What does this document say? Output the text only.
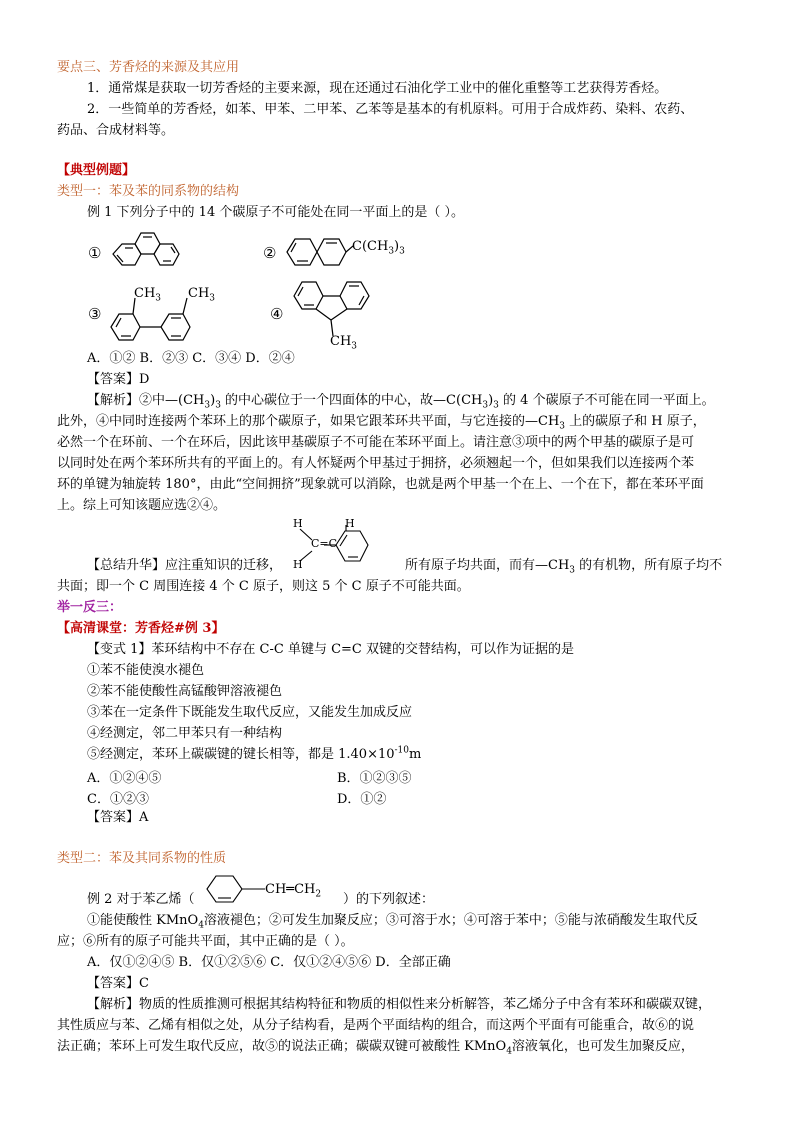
要点三、芳香烃的来源及其应用
1．通常煤是获取一切芳香烃的主要来源，现在还通过石油化学工业中的催化重整等工艺获得芳香烃。
2．一些简单的芳香烃，如苯、甲苯、二甲苯、乙苯等是基本的有机原料。可用于合成炸药、染料、农药、
药品、合成材料等。
【典型例题】
类型一：苯及苯的同系物的结构
例 1 下列分子中的 14 个碳原子不可能处在同一平面上的是（ ）。
①	②
③	④
$C(CH_3)_3$
$CH_3$ $CH_3$
$CH_3$
A．①② B．②③ C．③④ D．②④
【答案】D
【解析】②中$—(CH_3)_3$ 的中心碳位于一个四面体的中心，故$—C(CH_3)_3$ 的 4 个碳原子不可能在同一平面上。
此外，④中同时连接两个苯环上的那个碳原子，如果它跟苯环共平面，与它连接的$—CH_3$ 上的碳原子和 H 原子，
必然一个在环前、一个在环后，因此该甲基碳原子不可能在苯环平面上。请注意③项中的两个甲基的碳原子是可
以同时处在两个苯环所共有的平面上的。有人怀疑两个甲基过于拥挤，必须翘起一个，但如果我们以连接两个苯
环的单键为轴旋转 180°，由此“空间拥挤”现象就可以消除，也就是两个甲基一个在上、一个在下，都在苯环平面
上。综上可知该题应选②④。
H	H
H
C=C
【总结升华】应注重知识的迁移，	所有原子均共面，而有$—CH_3$ 的有机物，所有原子均不
共面；即一个 C 周围连接 4 个 C 原子，则这 5 个 C 原子不可能共面。
举一反三：
【高清课堂：芳香烃#例 3】
【变式 1】苯环结构中不存在 C-C 单键与 C=C 双键的交替结构，可以作为证据的是
①苯不能使溴水褪色
②苯不能使酸性高锰酸钾溶液褪色
③苯在一定条件下既能发生取代反应，又能发生加成反应
④经测定，邻二甲苯只有一种结构
⑤经测定，苯环上碳碳键的键长相等，都是 $1.40\times 10^{-10}m$
A．①②④⑤	B．①②③⑤
C．①②③	D．①②
【答案】A
类型二：苯及其同系物的性质
例 2 对于苯乙烯（
$CH═CH_2$ ）的下列叙述：
①能使酸性 KMnO$_4$溶液褪色；②可发生加聚反应；③可溶于水；④可溶于苯中；⑤能与浓硝酸发生取代反
应；⑥所有的原子可能共平面，其中正确的是（ ）。
A．仅①②④⑤ B．仅①②⑤⑥ C．仅①②④⑤⑥ D．全部正确
【答案】C
【解析】物质的性质推测可根据其结构特征和物质的相似性来分析解答，苯乙烯分子中含有苯环和碳碳双键，
其性质应与苯、乙烯有相似之处，从分子结构看，是两个平面结构的组合，而这两个平面有可能重合，故⑥的说
法正确；苯环上可发生取代反应，故⑤的说法正确；碳碳双键可被酸性 KMnO$_4$溶液氧化，也可发生加聚反应，
